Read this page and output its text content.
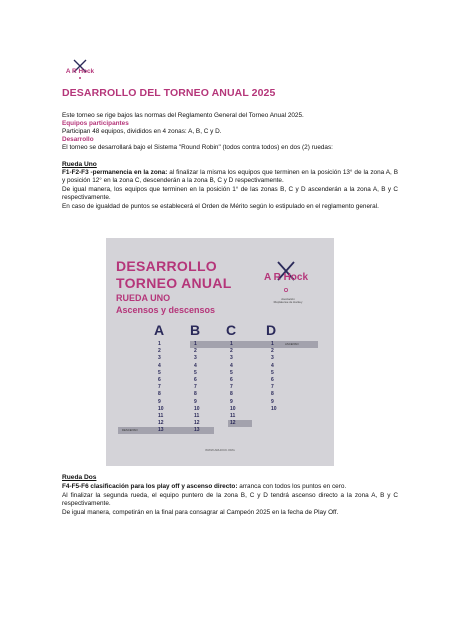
A R Hock
DESARROLLO DEL TORNEO ANUAL 2025
Este torneo se rige bajos las normas del Reglamento General del Torneo Anual 2025.
Equipos participantes
Participan 48 equipos, divididos en 4 zonas: A, B, C y D.
Desarrollo
El torneo se desarrollará bajo el Sistema "Round Robin" (todos contra todos) en dos (2) ruedas:
Rueda Uno
F1-F2-F3 -permanencia en la zona: al finalizar la misma los equipos que terminen en la posición 13° de la zona A, B y posición 12° en la zona C, descenderán a la zona B, C y D respectivamente.
De igual manera, los equipos que terminen en la posición 1° de las zonas B, C y D ascenderán a la zona A, B y C respectivamente.
En caso de igualdad de puntos se establecerá el Orden de Mérito según lo estipulado en el reglamento general.
DESARROLLO
TORNEO ANUAL
RUEDA UNO
Ascensos y descensos
A R Hock
Asociación
Rioplatense de Hockey
A B C D
ASCENSO
DESCENSO
1
2
3
4
5
6
7
8
9
10
11
12
13
1
2
3
4
5
6
7
8
9
10
11
12
13
1
2
3
4
5
6
7
8
9
10
11
12
1
2
3
4
5
6
7
8
9
10
WWW.ARHOCK.ORG
Rueda Dos
F4-F5-F6 clasificación para los play off y ascenso directo: arranca con todos los puntos en cero.
Al finalizar la segunda rueda, el equipo puntero de la zona B, C y D tendrá ascenso directo a la zona A, B y C respectivamente.
De igual manera, competirán en la final para consagrar al Campeón 2025 en la fecha de Play Off.
